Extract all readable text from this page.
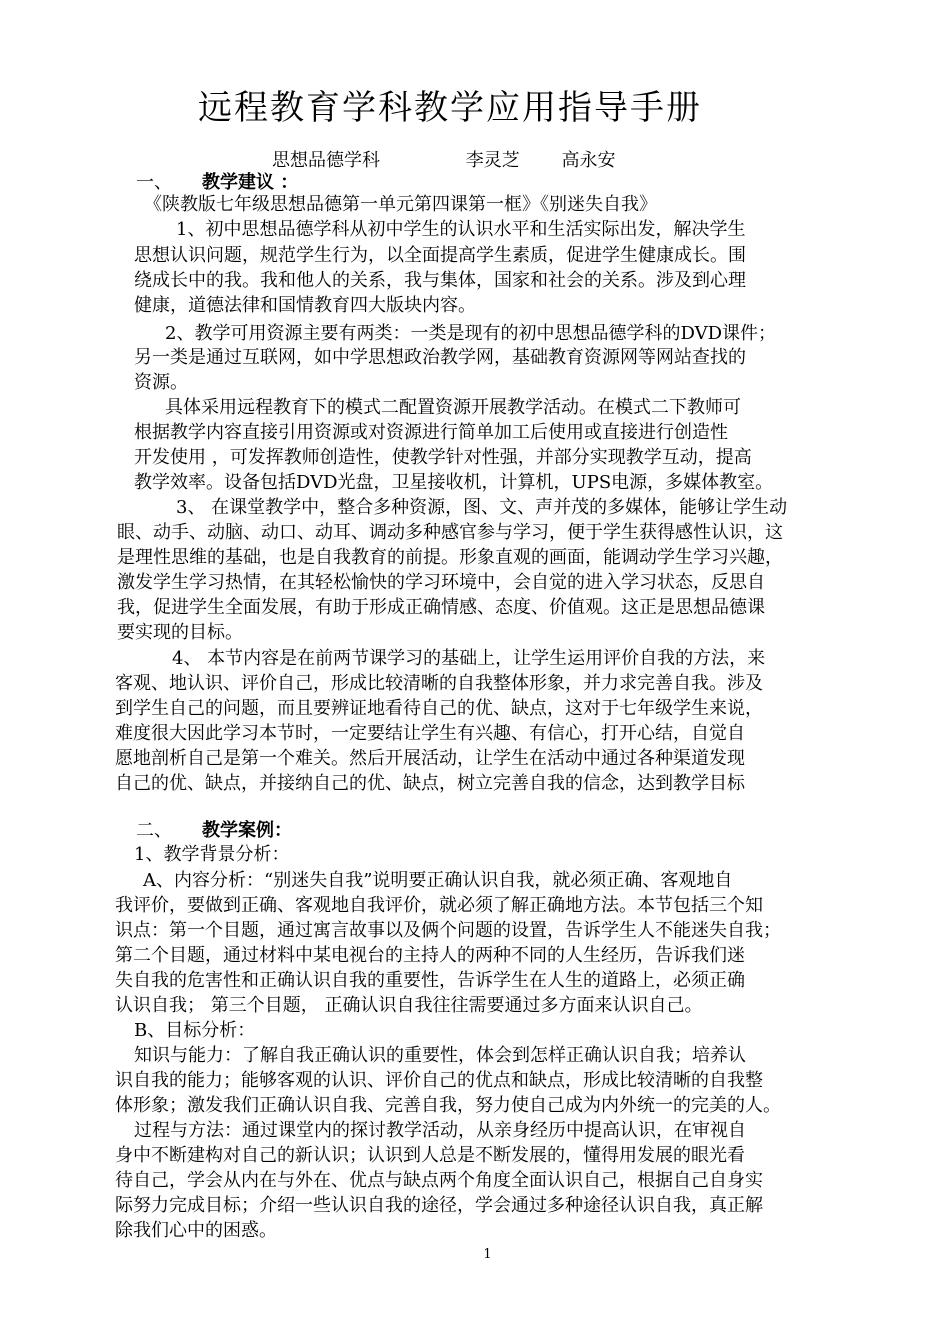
远程教育学科教学应用指导手册
思想品德学科	李灵芝 高永安
一、 教学建议 ：
《陕教版七年级思想品德第一单元第四课第一框》《别迷失自我》
1、初中思想品德学科从初中学生的认识水平和生活实际出发，解决学生
思想认识问题，规范学生行为，以全面提高学生素质，促进学生健康成长。围
绕成长中的我。我和他人的关系，我与集体，国家和社会的关系。涉及到心理
健康，道德法律和国情教育四大版块内容。
2、教学可用资源主要有两类：一类是现有的初中思想品德学科的DVD课件；
另一类是通过互联网，如中学思想政治教学网，基础教育资源网等网站查找的
资源。
具体采用远程教育下的模式二配置资源开展教学活动。在模式二下教师可
根据教学内容直接引用资源或对资源进行简单加工后使用或直接进行创造性
开发使用 ，可发挥教师创造性，使教学针对性强，并部分实现教学互动，提高
教学效率。设备包括DVD光盘，卫星接收机，计算机，UPS电源，多媒体教室。
3、 在课堂教学中，整合多种资源，图、文、声并茂的多媒体，能够让学生动
眼、动手、动脑、动口、动耳、调动多种感官参与学习，便于学生获得感性认识，这
是理性思维的基础，也是自我教育的前提。形象直观的画面，能调动学生学习兴趣，
激发学生学习热情，在其轻松愉快的学习环境中，会自觉的进入学习状态，反思自
我，促进学生全面发展，有助于形成正确情感、态度、价值观。这正是思想品德课
要实现的目标。
4、 本节内容是在前两节课学习的基础上，让学生运用评价自我的方法，来
客观、地认识、评价自己，形成比较清晰的自我整体形象，并力求完善自我。涉及
到学生自己的问题，而且要辨证地看待自己的优、缺点，这对于七年级学生来说，
难度很大因此学习本节时，一定要结让学生有兴趣、有信心，打开心结，自觉自
愿地剖析自己是第一个难关。然后开展活动，让学生在活动中通过各种渠道发现
自己的优、缺点，并接纳自己的优、缺点，树立完善自我的信念，达到教学目标
二、 教学案例：
1、教学背景分析：
A、内容分析：“别迷失自我”说明要正确认识自我，就必须正确、客观地自
我评价，要做到正确、客观地自我评价，就必须了解正确地方法。本节包括三个知
识点：第一个目题，通过寓言故事以及俩个问题的设置，告诉学生人不能迷失自我；
第二个目题，通过材料中某电视台的主持人的两种不同的人生经历，告诉我们迷
失自我的危害性和正确认识自我的重要性，告诉学生在人生的道路上，必须正确
认识自我； 第三个目题， 正确认识自我往往需要通过多方面来认识自己。
B、目标分析：
知识与能力：了解自我正确认识的重要性，体会到怎样正确认识自我；培养认
识自我的能力；能够客观的认识、评价自己的优点和缺点，形成比较清晰的自我整
体形象；激发我们正确认识自我、完善自我，努力使自己成为内外统一的完美的人。
过程与方法：通过课堂内的探讨教学活动，从亲身经历中提高认识，在审视自
身中不断建构对自己的新认识；认识到人总是不断发展的，懂得用发展的眼光看
待自己，学会从内在与外在、优点与缺点两个角度全面认识自己，根据自己自身实
际努力完成目标；介绍一些认识自我的途径，学会通过多种途径认识自我，真正解
除我们心中的困惑。
1
